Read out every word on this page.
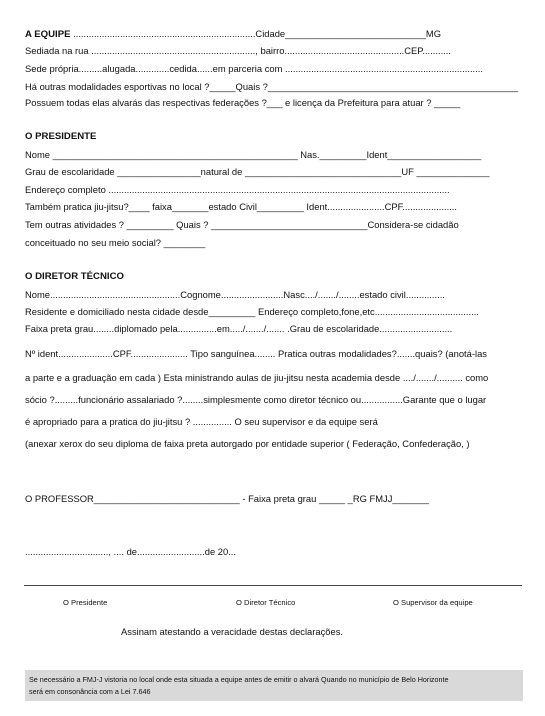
A EQUIPE ......................................................................Cidade___________________________MG
Sediada na rua ..............................................................., bairro..............................................CEP...........
Sede própria.........alugada.............cedida......em parceria com ............................................................................
Há outras modalidades esportivas no local ?_____Quais ?________________________________________________
Possuem todas elas alvarás das respectivas federações ?___ e licença da Prefeitura para atuar ? _____
O PRESIDENTE
Nome _______________________________________________ Nas._________Ident__________________
Grau de escolaridade ________________natural de ______________________________UF ______________
Endereço completo ...................................................................................................................................
Também pratica jiu-jitsu?____ faixa_______estado Civil_________ Ident......................CPF.....................
Tem outras atividades ? _________ Quais ? ______________________________Considera-se cidadão
conceituado no seu meio social? ________
O DIRETOR TÉCNICO
Nome..................................................Cognome........................Nasc..../......./........estado civil...............
Residente e domiciliado nesta cidade desde_________ Endereço completo,fone,etc........................................
Faixa preta grau........diplomado pela...............em...../......./....... .Grau de escolaridade............................
Nº ident.....................CPF...................... Tipo sanguínea........ Pratica outras modalidades?.......quais? (anotá-las
a parte e a graduação em cada ) Esta ministrando aulas de jiu-jitsu nesta academia desde ..../......./.......... como
sócio ?.........funcionário assalariado ?........simplesmente como diretor técnico ou................Garante que o lugar
é apropriado para a pratica do jiu-jitsu ? ............... O seu supervisor e da equipe será
(anexar xerox do seu diploma de faixa preta autorgado por entidade superior ( Federação, Confederação, )
O PROFESSOR____________________________ - Faixa preta grau _____ _RG FMJJ_______
................................, .... de..........................de 20...
O Presidente	O Diretor Técnico	O Supervisor da equipe
Assinam atestando a veracidade destas declarações.
Se necessário a FMJ-J vistoria no local onde esta situada a equipe antes de emitir o alvará Quando no município de Belo Horizonte
será em consonância com a Lei 7.646
